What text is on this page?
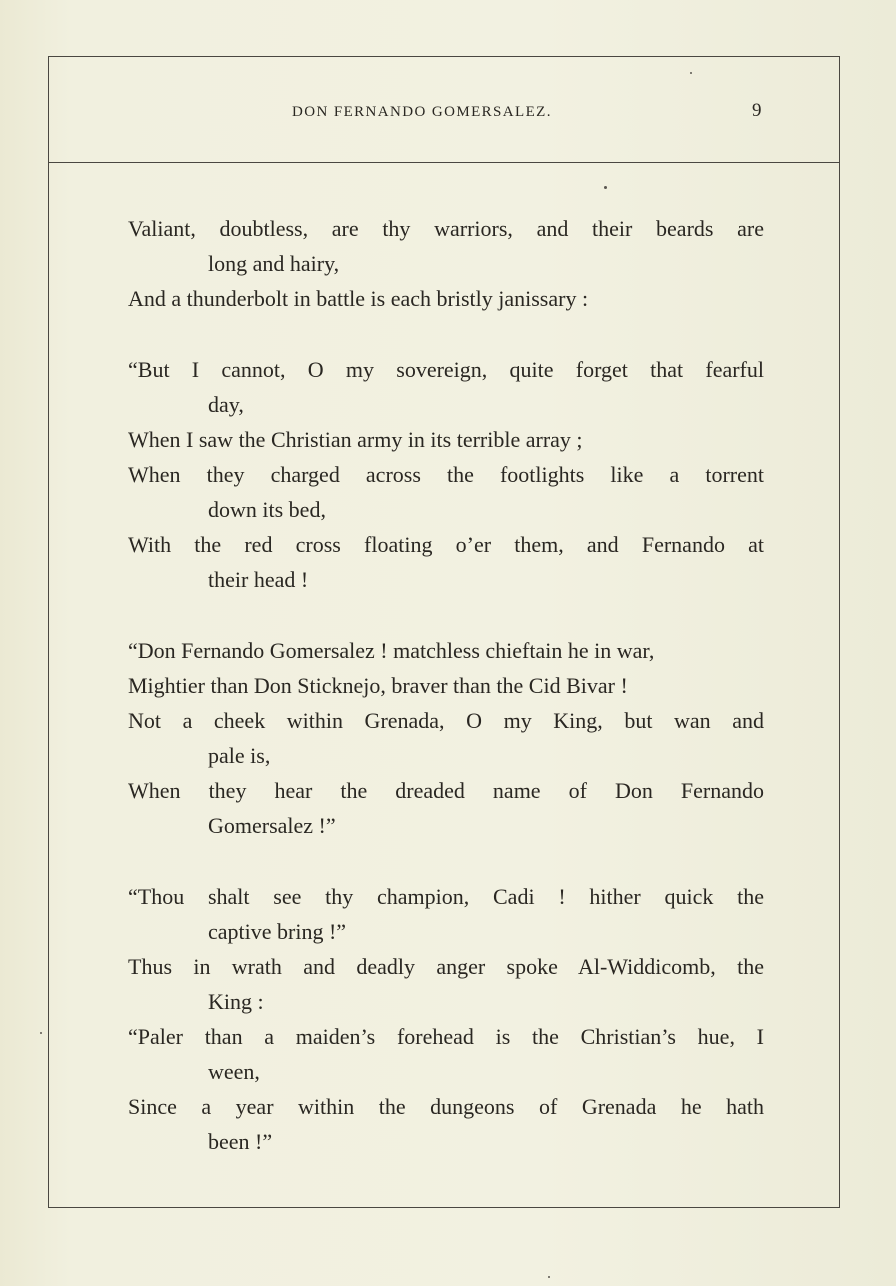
DON FERNANDO GOMERSALEZ.	9
Valiant, doubtless, are thy warriors, and their beards are
long and hairy,
And a thunderbolt in battle is each bristly janissary :
“But I cannot, O my sovereign, quite forget that fearful
day,
When I saw the Christian army in its terrible array ;
When they charged across the footlights like a torrent
down its bed,
With the red cross floating o’er them, and Fernando at
their head !
“Don Fernando Gomersalez ! matchless chieftain he in war,
Mightier than Don Sticknejo, braver than the Cid Bivar !
Not a cheek within Grenada, O my King, but wan and
pale is,
When they hear the dreaded name of Don Fernando
Gomersalez !”
“Thou shalt see thy champion, Cadi ! hither quick the
captive bring !”
Thus in wrath and deadly anger spoke Al-Widdicomb, the
King :
“Paler than a maiden’s forehead is the Christian’s hue, I
ween,
Since a year within the dungeons of Grenada he hath
been !”
